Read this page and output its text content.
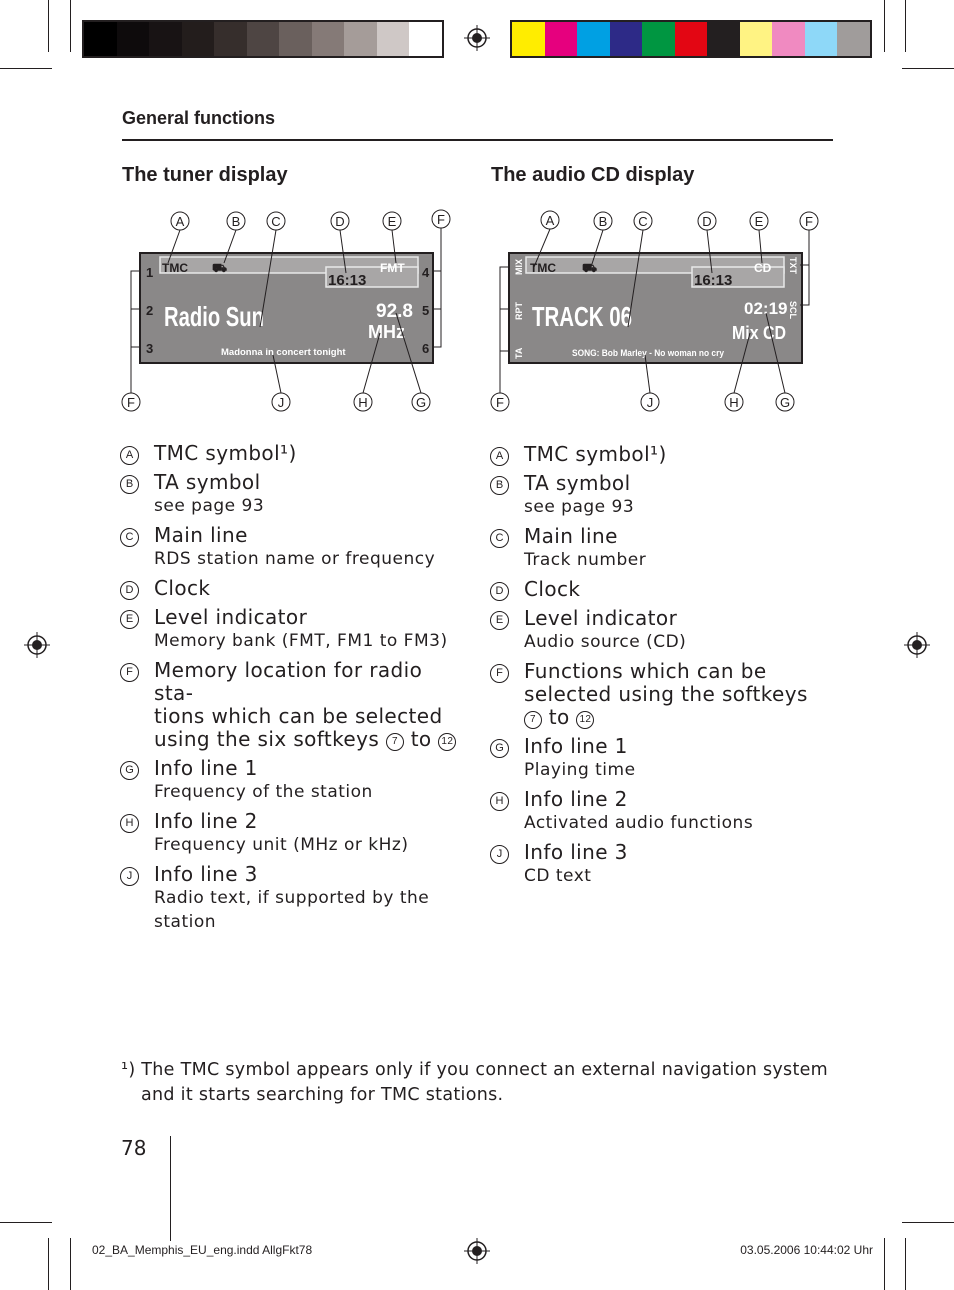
General functions
The tuner display	The audio CD display
A	B C	D	E	F
F	J	H	G
1
2
3
4
5
6
TMC ⛟
16:13
FMT
Radio Sun	92.8
MHz
Madonna in concert tonight
A	B C	D	E	F
F	J	H	G
MIX
RPT
TA
TXT
SCL
TMC ⛟
16:13
CD
TRACK 06	02:19
Mix CD
SONG: Bob Marley - No woman no cry
A TMC symbol¹)
B TA symbol
see page 93
C Main line
RDS station name or frequency
D Clock
E Level indicator
Memory bank (FMT, FM1 to FM3)
F	Memory location for radio sta-
tions which can be selected
using the six softkeys 7 to 12
G Info line 1
Frequency of the station
H Info line 2
Frequency unit (MHz or kHz)
J	Info line 3
Radio text, if supported by the
station
A TMC symbol¹)
B TA symbol
see page 93
C Main line
Track number
D Clock
E Level indicator
Audio source (CD)
F	Functions which can be
selected using the softkeys
7 to 12
G Info line 1
Playing time
H Info line 2
Activated audio functions
J	Info line 3
CD text
¹) The TMC symbol appears only if you connect an external navigation system
and it starts searching for TMC stations.
78
02_BA_Memphis_EU_eng.indd AllgFkt78	03.05.2006 10:44:02 Uhr
